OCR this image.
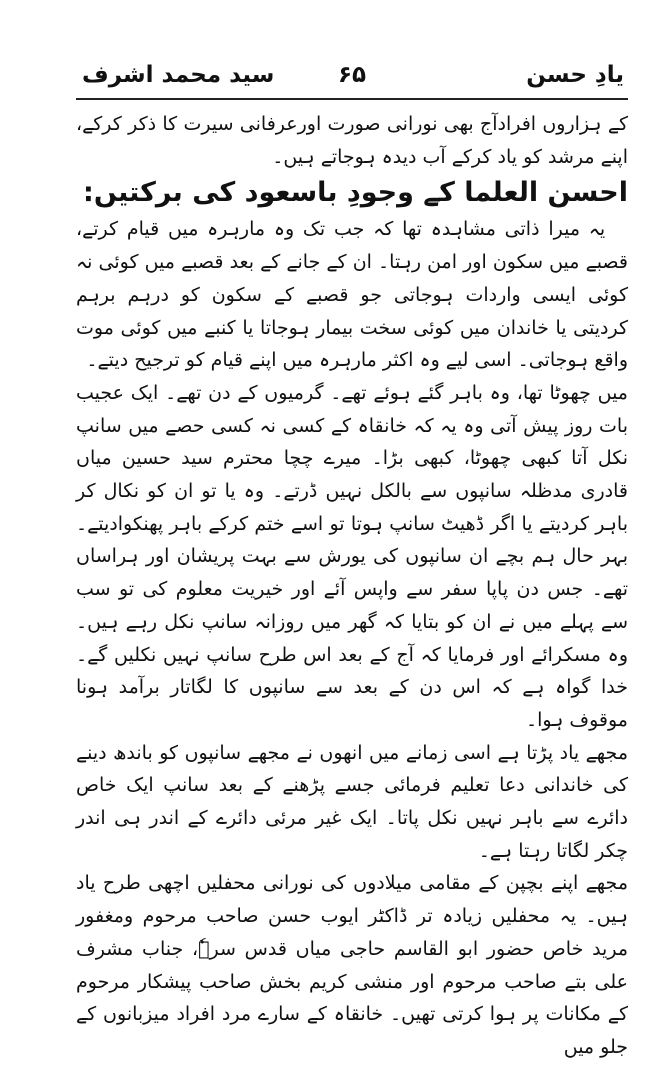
یادِ حسن
۶۵
سید محمد اشرف

کے ہزاروں افرادآج بھی نورانی صورت اورعرفانی سیرت کا ذکر کرکے، اپنے مرشد کو یاد کرکے آب دیدہ ہوجاتے ہیں۔

احسن العلما کے وجودِ باسعود کی برکتیں:

یہ میرا ذاتی مشاہدہ تھا کہ جب تک وہ مارہرہ میں قیام کرتے، قصبے میں سکون اور امن رہتا۔ ان کے جانے کے بعد قصبے میں کوئی نہ کوئی ایسی واردات ہوجاتی جو قصبے کے سکون کو درہم برہم کردیتی یا خاندان میں کوئی سخت بیمار ہوجاتا یا کنبے میں کوئی موت واقع ہوجاتی۔ اسی لیے وہ اکثر مارہرہ میں اپنے قیام کو ترجیح دیتے۔

میں چھوٹا تھا، وہ باہر گئے ہوئے تھے۔ گرمیوں کے دن تھے۔ ایک عجیب بات روز پیش آتی وہ یہ کہ خانقاہ کے کسی نہ کسی حصے میں سانپ نکل آتا کبھی چھوٹا، کبھی بڑا۔ میرے چچا محترم سید حسین میاں قادری مدظلہ سانپوں سے بالکل نہیں ڈرتے۔ وہ یا تو ان کو نکال کر باہر کردیتے یا اگر ڈھیٹ سانپ ہوتا تو اسے ختم کرکے باہر پھنکوادیتے۔ بہر حال ہم بچے ان سانپوں کی یورش سے بہت پریشان اور ہراساں تھے۔ جس دن پاپا سفر سے واپس آئے اور خیریت معلوم کی تو سب سے پہلے میں نے ان کو بتایا کہ گھر میں روزانہ سانپ نکل رہے ہیں۔ وہ مسکرائے اور فرمایا کہ آج کے بعد اس طرح سانپ نہیں نکلیں گے۔ خدا گواہ ہے کہ اس دن کے بعد سے سانپوں کا لگاتار برآمد ہونا موقوف ہوا۔

مجھے یاد پڑتا ہے اسی زمانے میں انھوں نے مجھے سانپوں کو باندھ دینے کی خاندانی دعا تعلیم فرمائی جسے پڑھنے کے بعد سانپ ایک خاص دائرے سے باہر نہیں نکل پاتا۔ ایک غیر مرئی دائرے کے اندر ہی اندر چکر لگاتا رہتا ہے۔

مجھے اپنے بچپن کے مقامی میلادوں کی نورانی محفلیں اچھی طرح یاد ہیں۔ یہ محفلیں زیادہ تر ڈاکٹر ایوب حسن صاحب مرحوم ومغفور مرید خاص حضور ابو القاسم حاجی میاں قدس سرہٗ، جناب مشرف علی بتے صاحب مرحوم اور منشی کریم بخش صاحب پیشکار مرحوم کے مکانات پر ہوا کرتی تھیں۔ خانقاہ کے سارے مرد افراد میزبانوں کے جلو میں
